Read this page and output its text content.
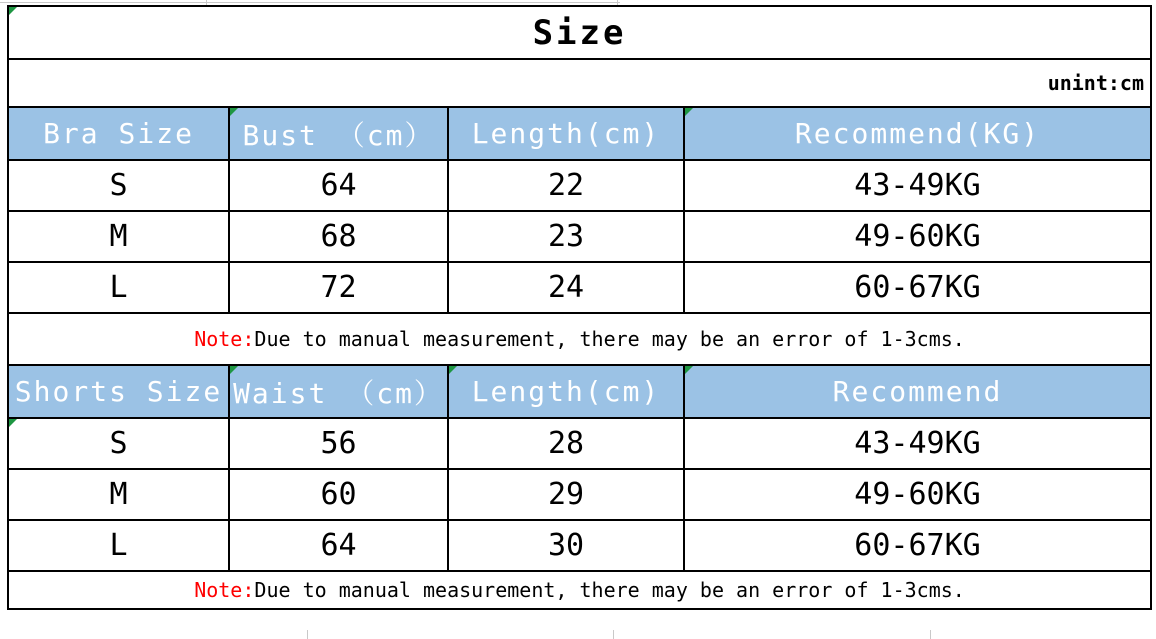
Size			
unint:cm			
Bra Size	Bust （cm）	Length(cm)	Recommend(KG)
S	64	22	43-49KG
M	68	23	49-60KG
L	72	24	60-67KG
Note:Due to manual measurement, there may be an error of 1-3cms.			
Shorts Size	Waist （cm）	Length(cm)	Recommend

S	56	28	43-49KG
M	60	29	49-60KG
L	64	30	60-67KG
Note:Due to manual measurement, there may be an error of 1-3cms.			
